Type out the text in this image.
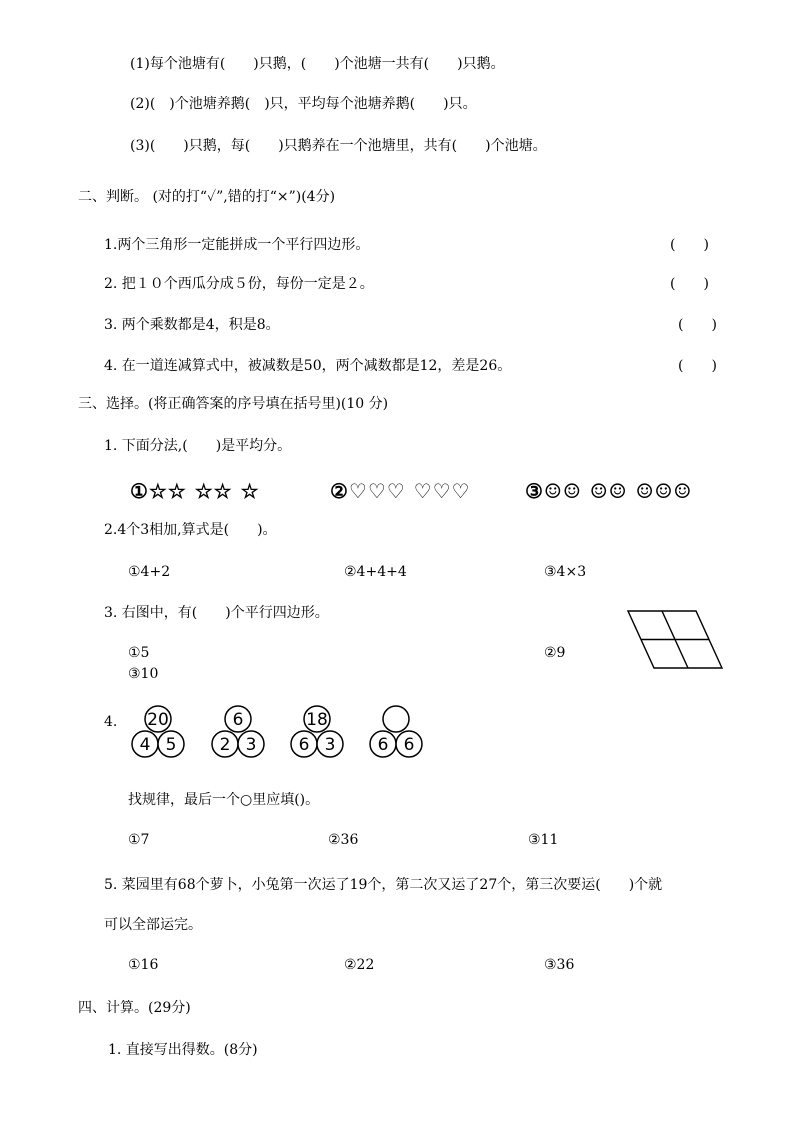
(1)每个池塘有(　　)只鹅，(　　)个池塘一共有(　　)只鹅。
(2)(　)个池塘养鹅(　)只，平均每个池塘养鹅(　　)只。
(3)(　　)只鹅，每(　　)只鹅养在一个池塘里，共有(　　)个池塘。
二、判断。 (对的打“✓”,错的打“×”)(4分)
1.两个三角形一定能拼成一个平行四边形。	(　　)
2. 把１０个西瓜分成５份，每份一定是２。	(　　)
3. 两个乘数都是4，积是8。	(　　)
4. 在一道连减算式中，被减数是50，两个减数都是12，差是26。	(　　)
三、选择。(将正确答案的序号填在括号里)(10 分)
1. 下面分法,(　　)是平均分。
①☆☆ ☆☆ ☆	②♡♡♡ ♡♡♡	③☺☺ ☺☺ ☺☺☺
2.4个3相加,算式是(　　)。
①4+2	②4+4+4	③4×3
3. 右图中，有(　　)个平行四边形。
①5	②9
③10
4. 20
4 5
6
2 3
18
6 3 6 6
找规律，最后一个○里应填()。
①7	②36	③11
5. 菜园里有68个萝卜，小兔第一次运了19个，第二次又运了27个，第三次要运(　　)个就
可以全部运完。
①16	②22	③36
四、计算。(29分)
1. 直接写出得数。(8分)
